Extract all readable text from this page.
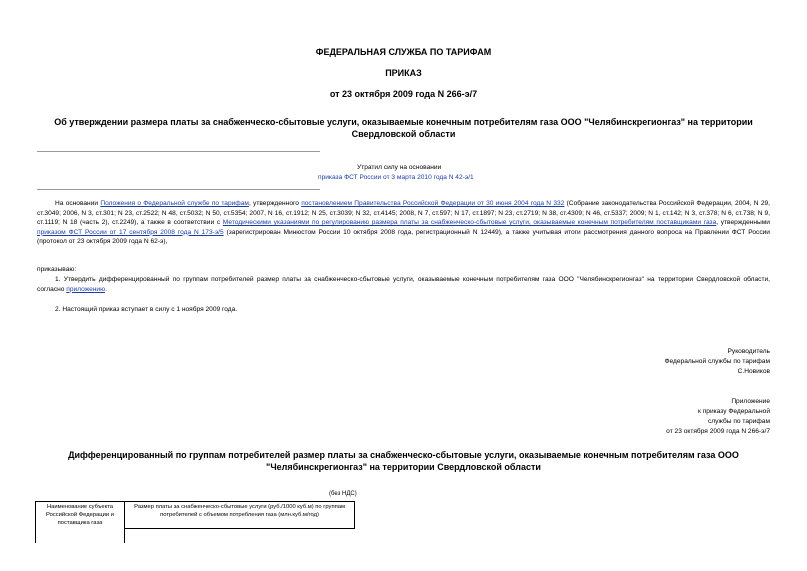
ФЕДЕРАЛЬНАЯ СЛУЖБА ПО ТАРИФАМ
ПРИКАЗ
от 23 октября 2009 года N 266-э/7
Об утверждении размера платы за снабженческо-сбытовые услуги, оказываемые конечным потребителям газа ООО "Челябинскрегионгаз" на территории
Свердловской области
Утратил силу на основании
приказа ФСТ России от 3 марта 2010 года N 42-э/1
На основании Положения о Федеральной службе по тарифам, утвержденного постановлением Правительства Российской Федерации от 30 июня 2004 года N 332 (Собрание законодательства Российской Федерации, 2004, N 29, ст.3049; 2006, N 3, ст.301; N 23, ст.2522; N 48, ст.5032; N 50, ст.5354; 2007, N 16, ст.1912; N 25, ст.3039; N 32, ст.4145; 2008, N 7, ст.597; N 17, ст.1897; N 23, ст.2719; N 38, ст.4309; N 46, ст.5337; 2009; N 1, ст.142; N 3, ст.378; N 6, ст.738; N 9, ст.1119; N 18 (часть 2), ст.2249), а также в соответствии с Методическими указаниями по регулированию размера платы за снабженческо-сбытовые услуги, оказываемые конечным потребителям поставщиками газа, утвержденными приказом ФСТ России от 17 сентября 2008 года N 173-э/5 (зарегистрирован Минюстом России 10 октября 2008 года, регистрационный N 12449), а также учитывая итоги рассмотрения данного вопроса на Правлении ФСТ России (протокол от 23 октября 2009 года N 62-э),
приказываю:
1. Утвердить дифференцированный по группам потребителей размер платы за снабженческо-сбытовые услуги, оказываемые конечным потребителям газа ООО "Челябинскрегионгаз" на территории Свердловской области, согласно приложению.
2. Настоящий приказ вступает в силу с 1 ноября 2009 года.
Руководитель
Федеральной службы по тарифам
С.Новиков
Приложение
к приказу Федеральной
службы по тарифам
от 23 октября 2009 года N 266-э/7
Дифференцированный по группам потребителей размер платы за снабженческо-сбытовые услуги, оказываемые конечным потребителям газа ООО
"Челябинскрегионгаз" на территории Свердловской области
(без НДС)
Наименование субъекта Российской Федерации и поставщика газа	Размер платы за снабженческо-сбытовые услуги (руб./1000 куб.м) по группам потребителей с объемом потребления газа (млн.куб.м/год)
